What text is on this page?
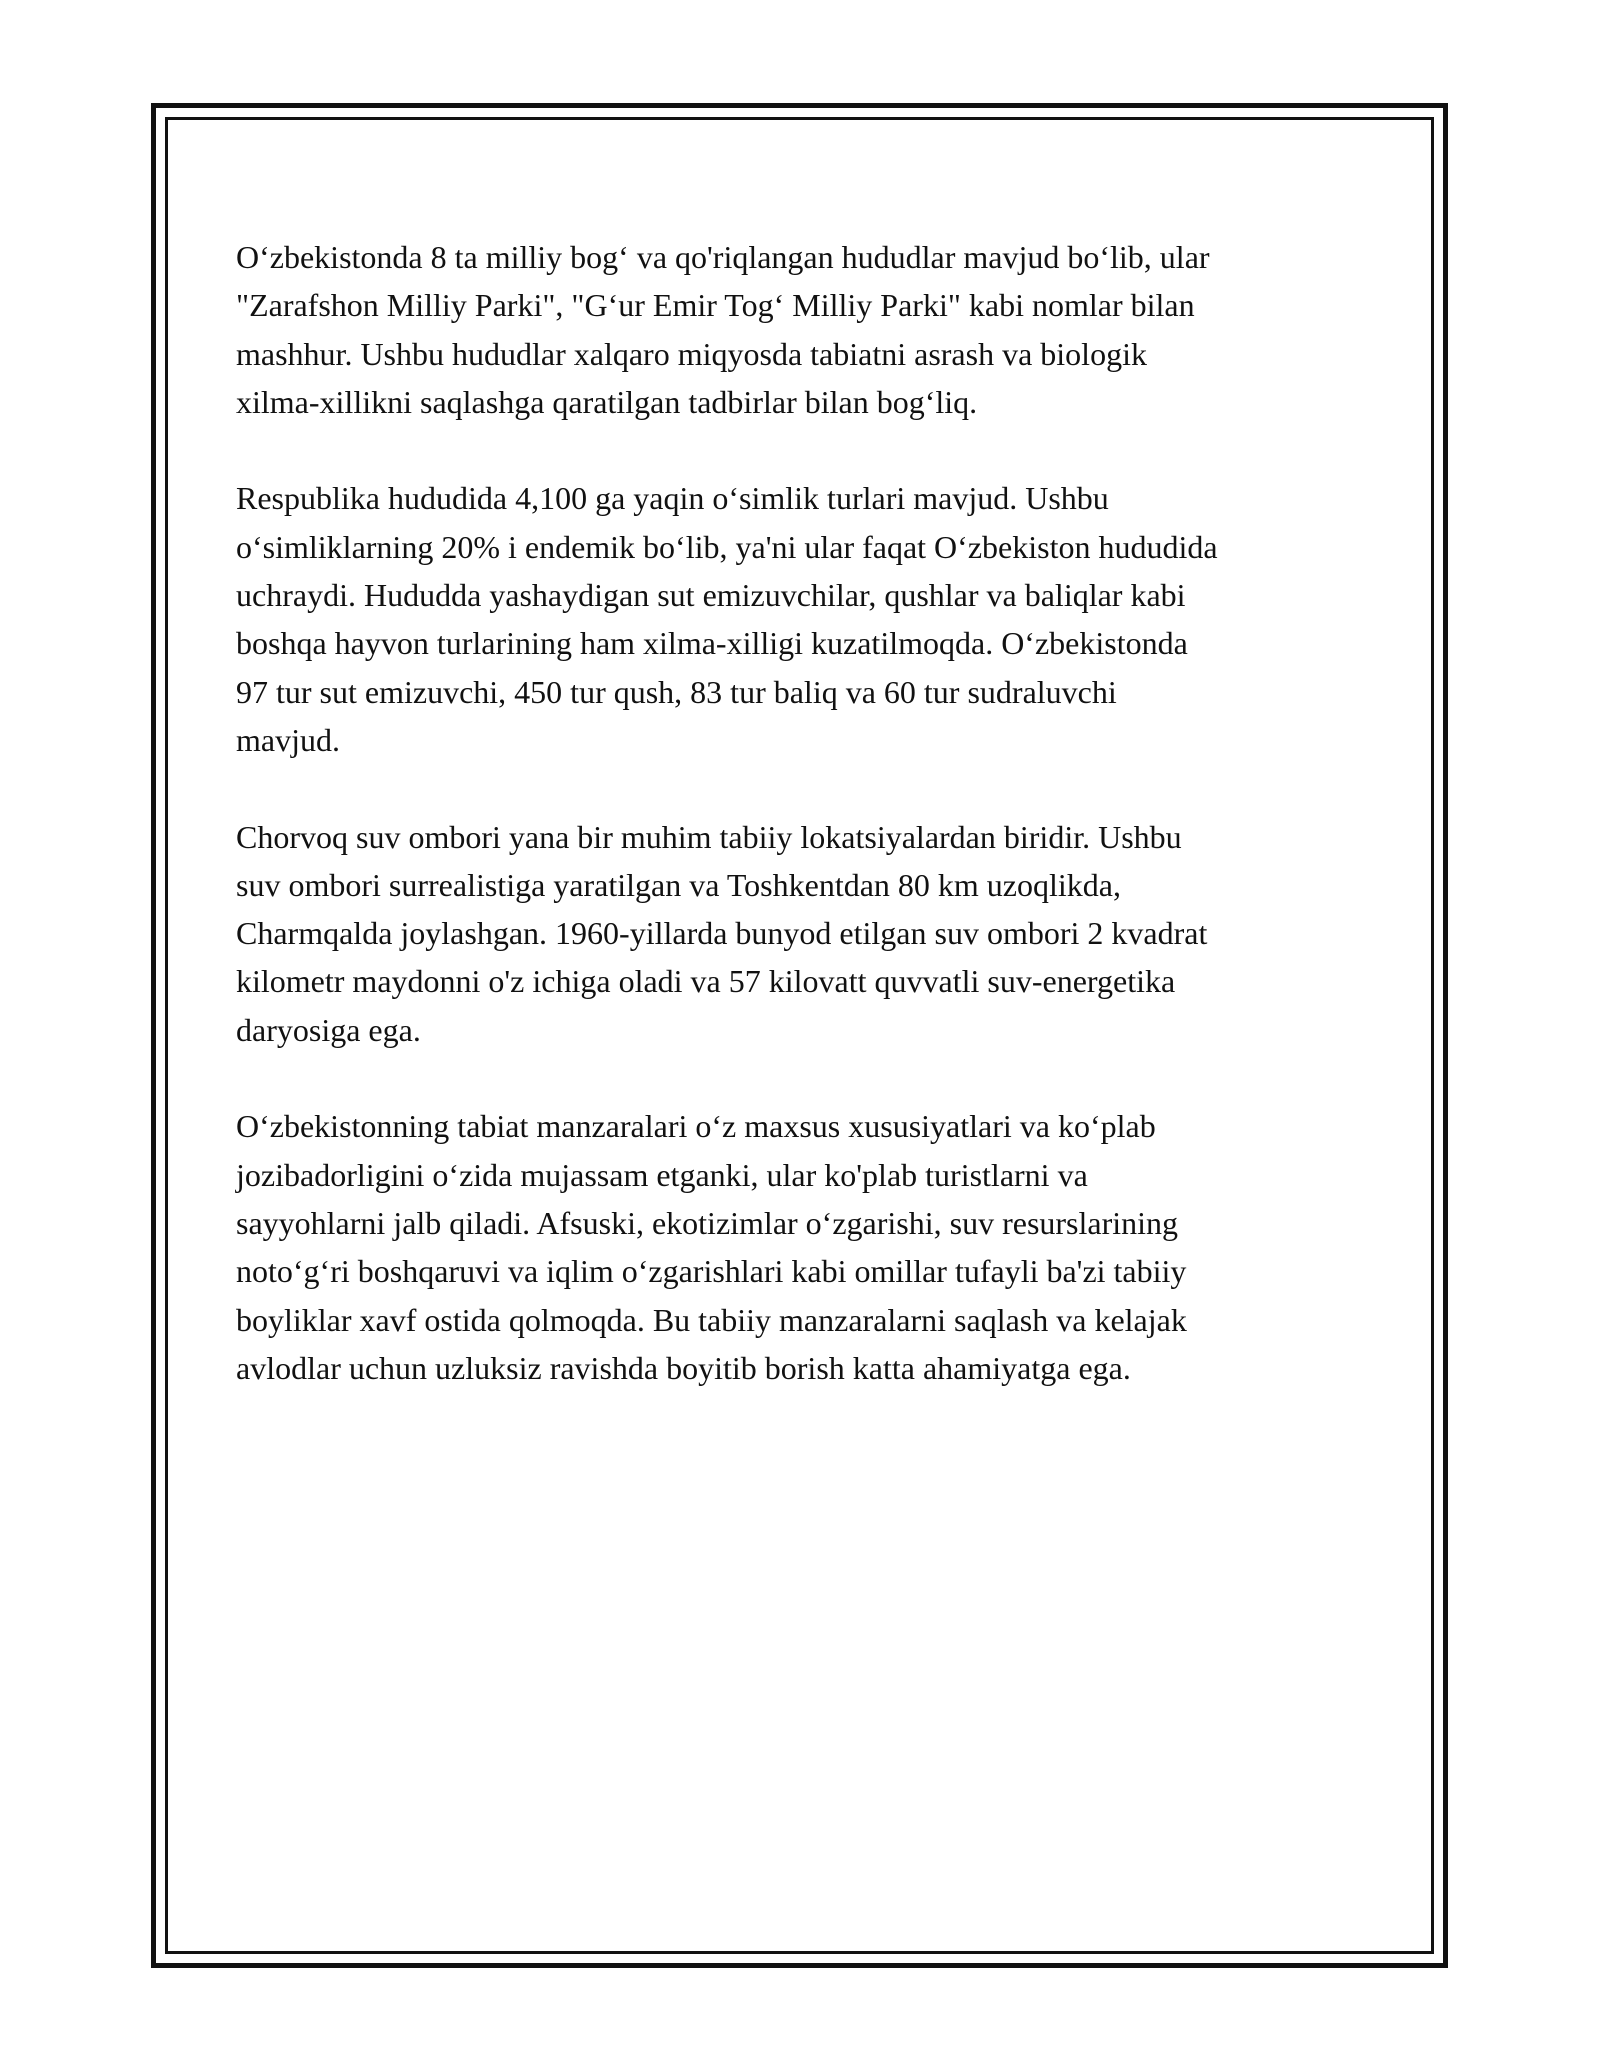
O‘zbekistonda 8 ta milliy bog‘ va qo'riqlangan hududlar mavjud bo‘lib, ular
"Zarafshon Milliy Parki", "G‘ur Emir Tog‘ Milliy Parki" kabi nomlar bilan
mashhur. Ushbu hududlar xalqaro miqyosda tabiatni asrash va biologik
xilma-xillikni saqlashga qaratilgan tadbirlar bilan bog‘liq.

Respublika hududida 4,100 ga yaqin o‘simlik turlari mavjud. Ushbu
o‘simliklarning 20% i endemik bo‘lib, ya'ni ular faqat O‘zbekiston hududida
uchraydi. Hududda yashaydigan sut emizuvchilar, qushlar va baliqlar kabi
boshqa hayvon turlarining ham xilma-xilligi kuzatilmoqda. O‘zbekistonda
97 tur sut emizuvchi, 450 tur qush, 83 tur baliq va 60 tur sudraluvchi
mavjud.

Chorvoq suv ombori yana bir muhim tabiiy lokatsiyalardan biridir. Ushbu
suv ombori surrealistiga yaratilgan va Toshkentdan 80 km uzoqlikda,
Charmqalda joylashgan. 1960-yillarda bunyod etilgan suv ombori 2 kvadrat
kilometr maydonni o'z ichiga oladi va 57 kilovatt quvvatli suv-energetika
daryosiga ega.

O‘zbekistonning tabiat manzaralari o‘z maxsus xususiyatlari va ko‘plab
jozibadorligini o‘zida mujassam etganki, ular ko'plab turistlarni va
sayyohlarni jalb qiladi. Afsuski, ekotizimlar o‘zgarishi, suv resurslarining
noto‘g‘ri boshqaruvi va iqlim o‘zgarishlari kabi omillar tufayli ba'zi tabiiy
boyliklar xavf ostida qolmoqda. Bu tabiiy manzaralarni saqlash va kelajak
avlodlar uchun uzluksiz ravishda boyitib borish katta ahamiyatga ega.
